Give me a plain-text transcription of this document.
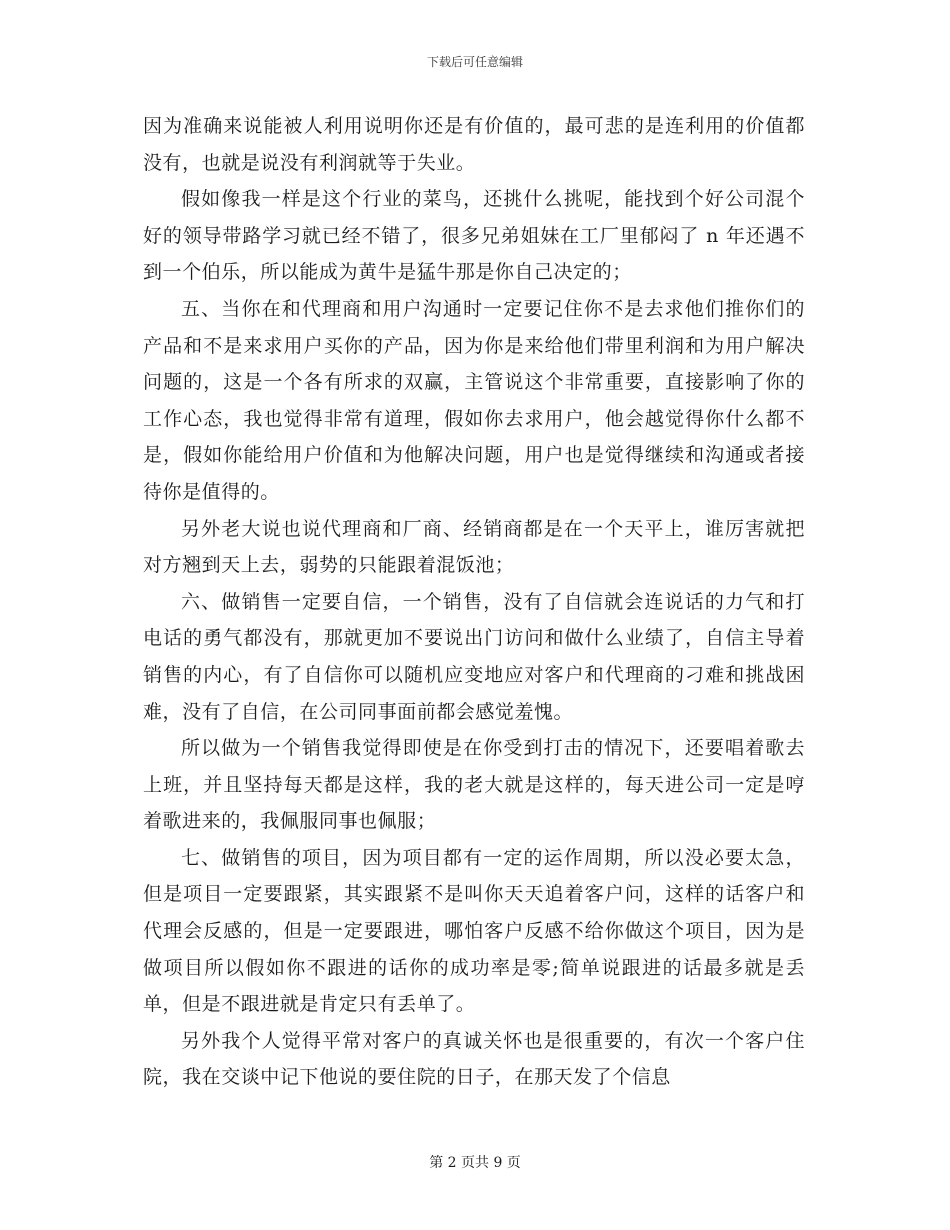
下载后可任意编辑

因为准确来说能被人利用说明你还是有价值的，最可悲的是连利用的价值都没有，也就是说没有利润就等于失业。

假如像我一样是这个行业的菜鸟，还挑什么挑呢，能找到个好公司混个好的领导带路学习就已经不错了，很多兄弟姐妹在工厂里郁闷了 n 年还遇不到一个伯乐，所以能成为黄牛是猛牛那是你自己决定的；

五、当你在和代理商和用户沟通时一定要记住你不是去求他们推你们的产品和不是来求用户买你的产品，因为你是来给他们带里利润和为用户解决问题的，这是一个各有所求的双赢，主管说这个非常重要，直接影响了你的工作心态，我也觉得非常有道理，假如你去求用户，他会越觉得你什么都不是，假如你能给用户价值和为他解决问题，用户也是觉得继续和沟通或者接待你是值得的。

另外老大说也说代理商和厂商、经销商都是在一个天平上，谁厉害就把对方翘到天上去，弱势的只能跟着混饭池；

六、做销售一定要自信，一个销售，没有了自信就会连说话的力气和打电话的勇气都没有，那就更加不要说出门访问和做什么业绩了，自信主导着销售的内心，有了自信你可以随机应变地应对客户和代理商的刁难和挑战困难，没有了自信，在公司同事面前都会感觉羞愧。

所以做为一个销售我觉得即使是在你受到打击的情况下，还要唱着歌去上班，并且坚持每天都是这样，我的老大就是这样的，每天进公司一定是哼着歌进来的，我佩服同事也佩服；

七、做销售的项目，因为项目都有一定的运作周期，所以没必要太急，但是项目一定要跟紧，其实跟紧不是叫你天天追着客户问，这样的话客户和代理会反感的，但是一定要跟进，哪怕客户反感不给你做这个项目，因为是做项目所以假如你不跟进的话你的成功率是零;简单说跟进的话最多就是丢单，但是不跟进就是肯定只有丢单了。

另外我个人觉得平常对客户的真诚关怀也是很重要的，有次一个客户住院，我在交谈中记下他说的要住院的日子，在那天发了个信息

第 2 页共 9 页
